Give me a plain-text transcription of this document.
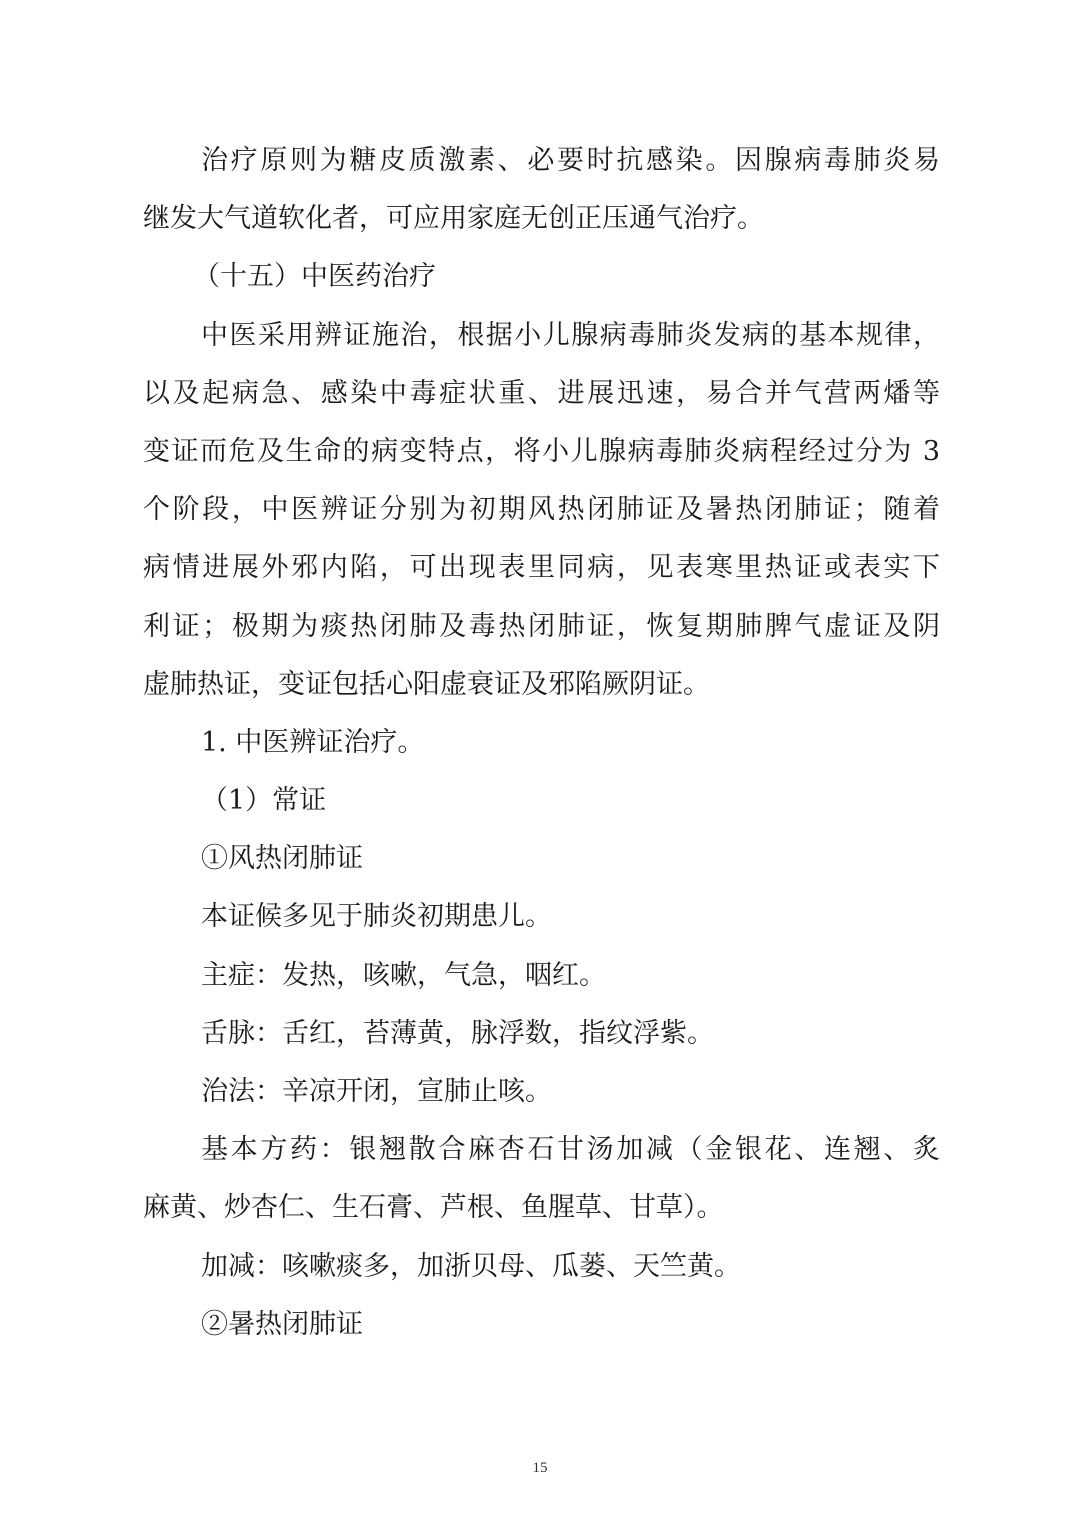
治疗原则为糖皮质激素、必要时抗感染。因腺病毒肺炎易
继发大气道软化者，可应用家庭无创正压通气治疗。
（十五）中医药治疗
中医采用辨证施治，根据小儿腺病毒肺炎发病的基本规律，
以及起病急、感染中毒症状重、进展迅速，易合并气营两燔等
变证而危及生命的病变特点，将小儿腺病毒肺炎病程经过分为 3
个阶段，中医辨证分别为初期风热闭肺证及暑热闭肺证；随着
病情进展外邪内陷，可出现表里同病，见表寒里热证或表实下
利证；极期为痰热闭肺及毒热闭肺证，恢复期肺脾气虚证及阴
虚肺热证，变证包括心阳虚衰证及邪陷厥阴证。
1. 中医辨证治疗。
（1）常证
①风热闭肺证
本证候多见于肺炎初期患儿。
主症：发热，咳嗽，气急，咽红。
舌脉：舌红，苔薄黄，脉浮数，指纹浮紫。
治法：辛凉开闭，宣肺止咳。
基本方药：银翘散合麻杏石甘汤加减（金银花、连翘、炙
麻黄、炒杏仁、生石膏、芦根、鱼腥草、甘草）。
加减：咳嗽痰多，加浙贝母、瓜蒌、天竺黄。
②暑热闭肺证
15
